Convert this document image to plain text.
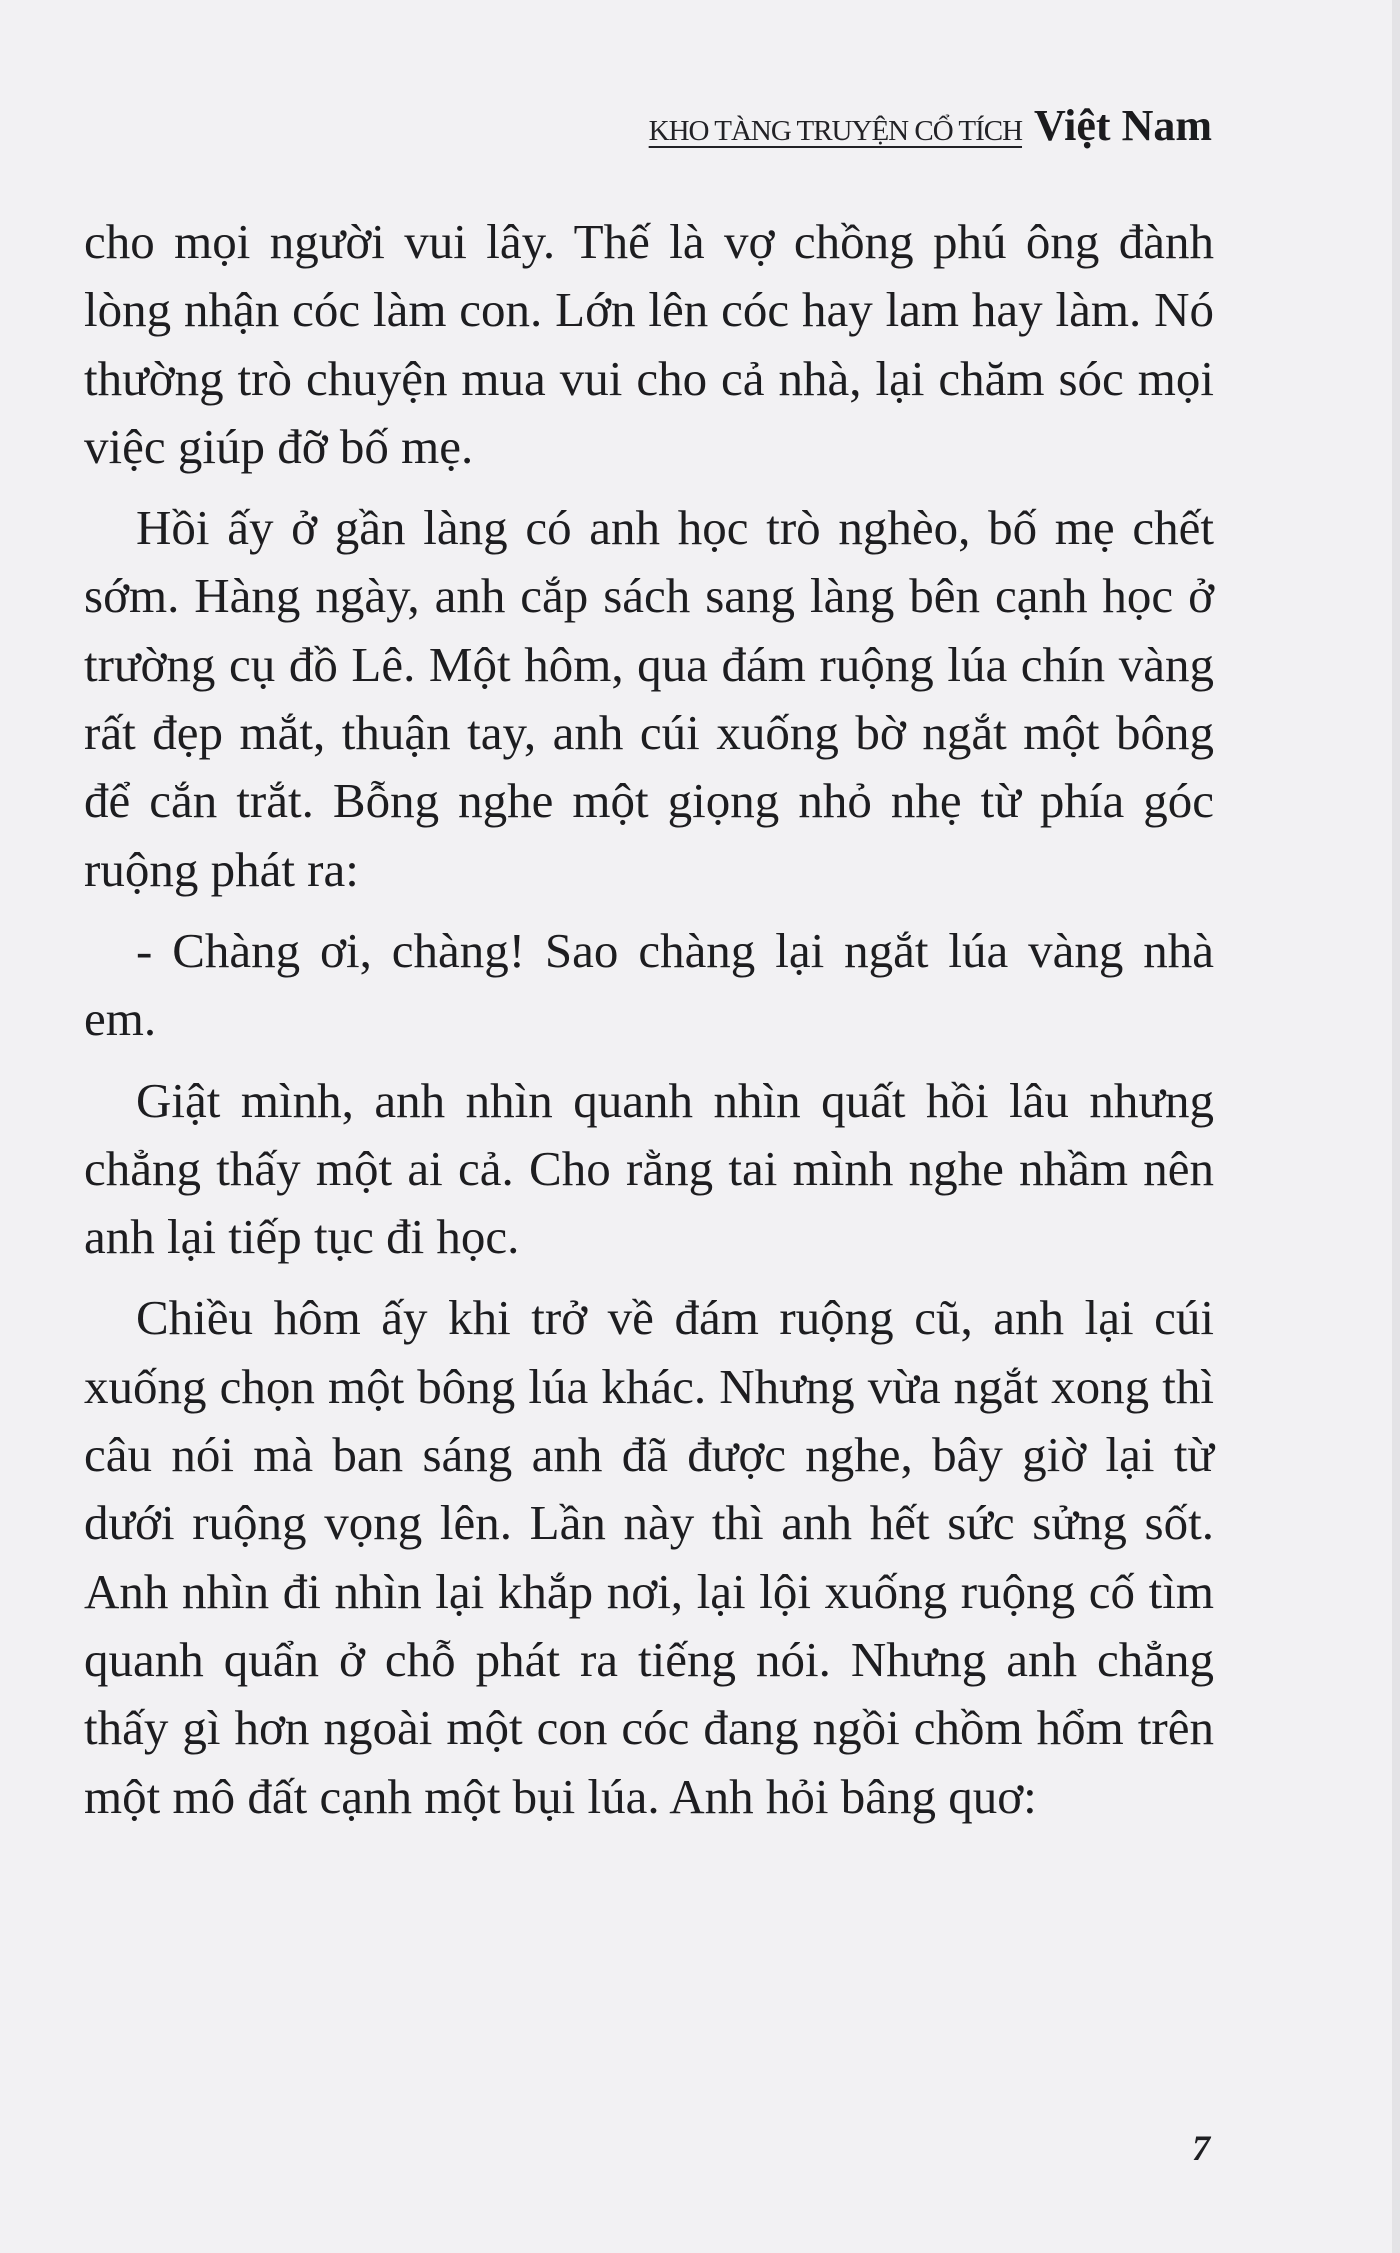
KHO TÀNG TRUYỆN CỔ TÍCH Việt Nam

cho mọi người vui lây. Thế là vợ chồng phú ông đành lòng nhận cóc làm con. Lớn lên cóc hay lam hay làm. Nó thường trò chuyện mua vui cho cả nhà, lại chăm sóc mọi việc giúp đỡ bố mẹ.

Hồi ấy ở gần làng có anh học trò nghèo, bố mẹ chết sớm. Hàng ngày, anh cắp sách sang làng bên cạnh học ở trường cụ đồ Lê. Một hôm, qua đám ruộng lúa chín vàng rất đẹp mắt, thuận tay, anh cúi xuống bờ ngắt một bông để cắn trắt. Bỗng nghe một giọng nhỏ nhẹ từ phía góc ruộng phát ra:

- Chàng ơi, chàng! Sao chàng lại ngắt lúa vàng nhà em.

Giật mình, anh nhìn quanh nhìn quất hồi lâu nhưng chẳng thấy một ai cả. Cho rằng tai mình nghe nhầm nên anh lại tiếp tục đi học.

Chiều hôm ấy khi trở về đám ruộng cũ, anh lại cúi xuống chọn một bông lúa khác. Nhưng vừa ngắt xong thì câu nói mà ban sáng anh đã được nghe, bây giờ lại từ dưới ruộng vọng lên. Lần này thì anh hết sức sửng sốt. Anh nhìn đi nhìn lại khắp nơi, lại lội xuống ruộng cố tìm quanh quẩn ở chỗ phát ra tiếng nói. Nhưng anh chẳng thấy gì hơn ngoài một con cóc đang ngồi chồm hổm trên một mô đất cạnh một bụi lúa. Anh hỏi bâng quơ:

7
